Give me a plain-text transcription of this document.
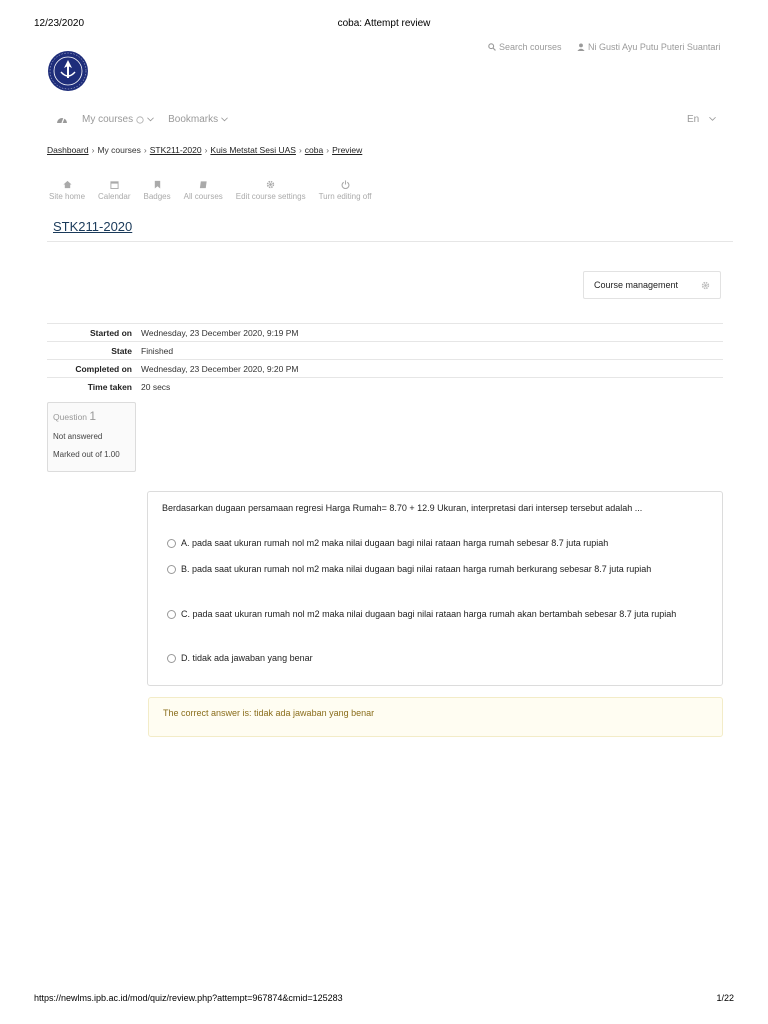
12/23/2020	coba: Attempt review
Search courses	Ni Gusti Ayu Putu Puteri Suantari
My courses	Bookmarks	En
Dashboard › My courses › STK211-2020 › Kuis Metstat Sesi UAS › coba › Preview
Site home Calendar Badges All courses Edit course settings Turn editing off
STK211-2020
Course management
Started on	Wednesday, 23 December 2020, 9:19 PM
State	Finished
Completed on	Wednesday, 23 December 2020, 9:20 PM
Time taken	20 secs
Question 1
Not answered
Marked out of 1.00
Berdasarkan dugaan persamaan regresi Harga Rumah= 8.70 + 12.9 Ukuran, interpretasi dari intersep tersebut adalah ...
A. pada saat ukuran rumah nol m2 maka nilai dugaan bagi nilai rataan harga rumah sebesar 8.7 juta rupiah
B. pada saat ukuran rumah nol m2 maka nilai dugaan bagi nilai rataan harga rumah berkurang sebesar 8.7 juta rupiah
C. pada saat ukuran rumah nol m2 maka nilai dugaan bagi nilai rataan harga rumah akan bertambah sebesar 8.7 juta rupiah
D. tidak ada jawaban yang benar
The correct answer is: tidak ada jawaban yang benar
https://newlms.ipb.ac.id/mod/quiz/review.php?attempt=967874&cmid=125283	1/22
